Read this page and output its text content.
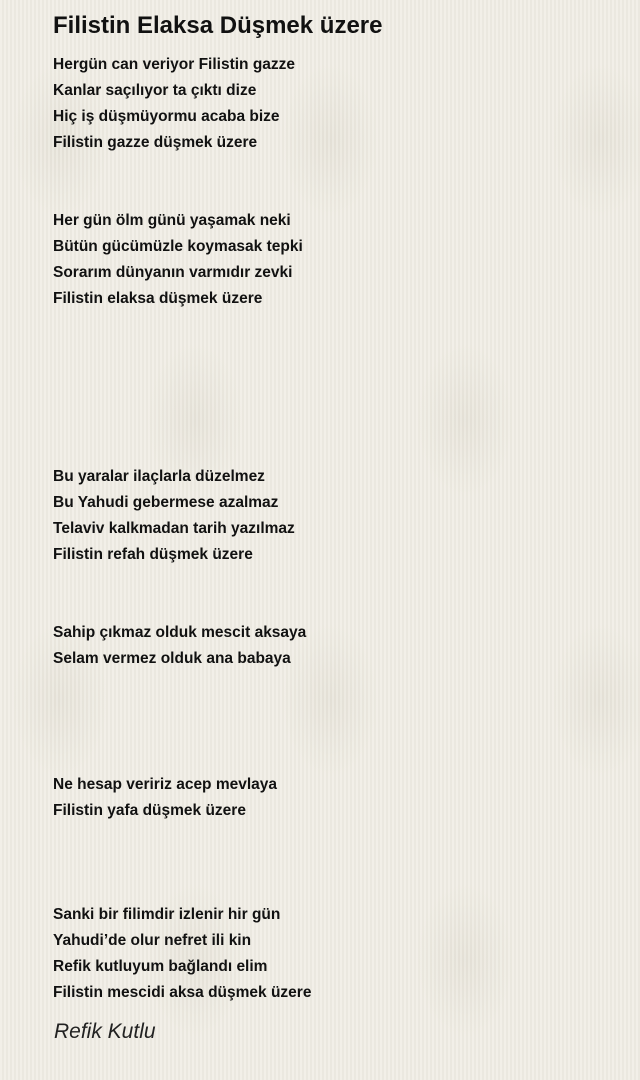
Filistin Elaksa Düşmek üzere

Hergün can veriyor Filistin gazze

Kanlar saçılıyor ta çıktı dize

Hiç iş düşmüyormu acaba bize

Filistin gazze düşmek üzere

Her gün ölm günü yaşamak neki

Bütün gücümüzle koymasak tepki

Sorarım dünyanın varmıdır zevki

Filistin elaksa düşmek üzere

Bu yaralar ilaçlarla düzelmez

Bu Yahudi gebermese azalmaz

Telaviv kalkmadan tarih yazılmaz

Filistin refah düşmek üzere

Sahip çıkmaz olduk mescit aksaya

Selam vermez olduk ana babaya

Ne hesap veririz acep mevlaya

Filistin yafa düşmek üzere

Sanki bir filimdir izlenir hir gün

Yahudi’de olur nefret ili kin

Refik kutluyum bağlandı elim

Filistin mescidi aksa düşmek üzere

Refik Kutlu
